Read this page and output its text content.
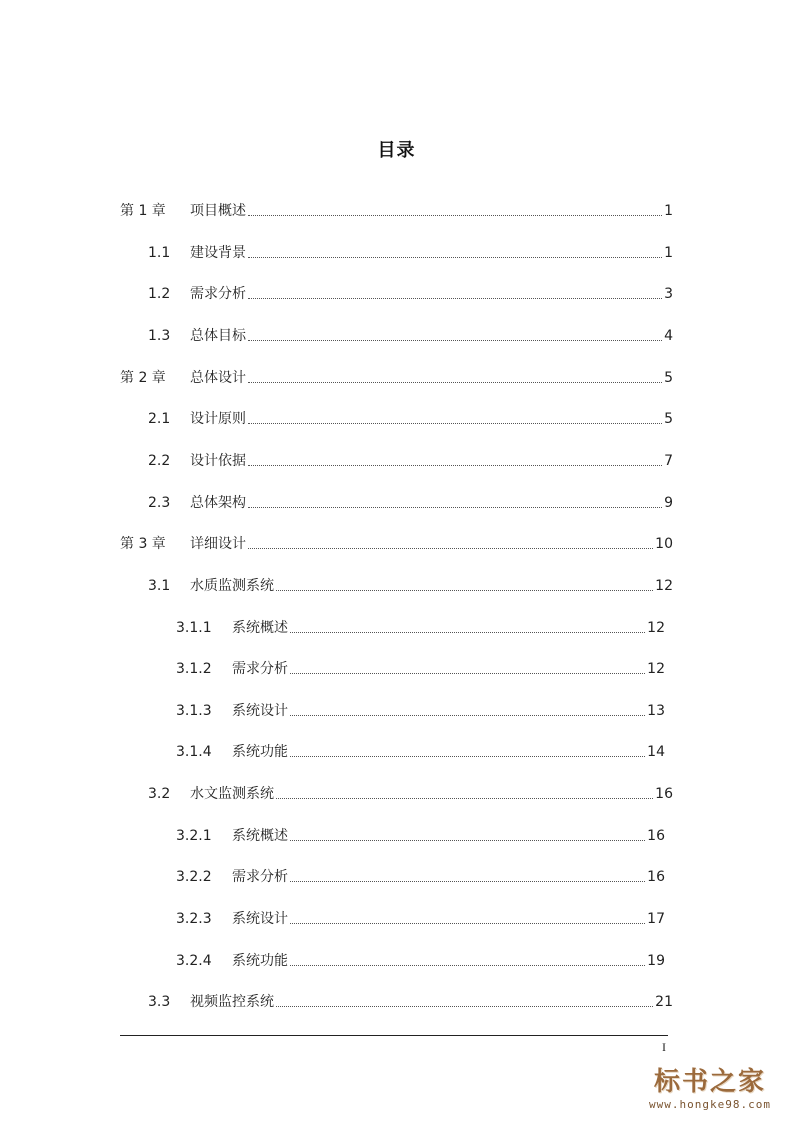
目录
第 1 章	项目概述	1
1.1	建设背景	1
1.2	需求分析	3
1.3	总体目标	4
第 2 章	总体设计	5
2.1	设计原则	5
2.2	设计依据	7
2.3	总体架构	9
第 3 章	详细设计	10
3.1	水质监测系统	12
3.1.1	系统概述	12
3.1.2	需求分析	12
3.1.3	系统设计	13
3.1.4	系统功能	14
3.2	水文监测系统	16
3.2.1	系统概述	16
3.2.2	需求分析	16
3.2.3	系统设计	17
3.2.4	系统功能	19
3.3	视频监控系统	21
I
标书之家
www.hongke98.com
